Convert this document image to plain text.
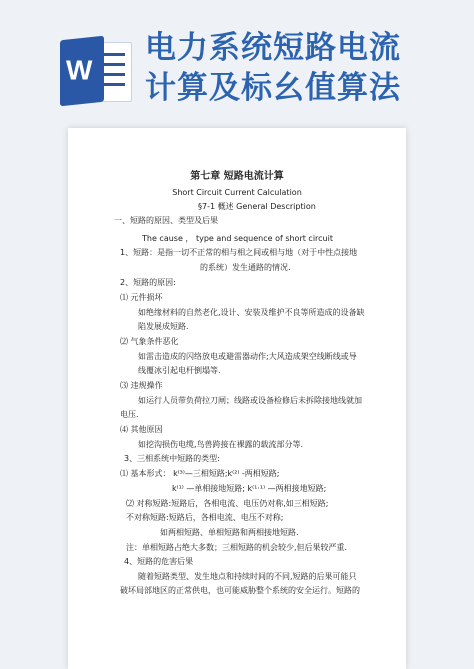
W
电力系统短路电流
计算及标幺值算法
第七章 短路电流计算
Short Circuit Current Calculation
§7-1 概述 General Description
一、短路的原因、类型及后果
The cause ， type and sequence of short circuit
1、短路：是指一切不正常的相与相之间或相与地（对于中性点接地
的系统）发生通路的情况.
2、短路的原因:
⑴ 元件损坏
如绝缘材料的自然老化,设计、安装及维护不良等所造成的设备缺
陷发展成短路.
⑵ 气象条件恶化
如雷击造成的闪络放电或避雷器动作;大风造成架空线断线或导
线覆冰引起电杆倒塌等.
⑶ 违规操作
如运行人员带负荷拉刀闸；线路或设备检修后未拆除接地线就加
电压.
⑷ 其他原因
如挖沟损伤电缆,鸟兽跨接在裸露的载流部分等.
3、三相系统中短路的类型:
⑴ 基本形式： k⁽³⁾—三相短路;k⁽²⁾ -两相短路;
k⁽¹⁾ —单相接地短路; k⁽¹·¹⁾ —两相接地短路;
⑵ 对称短路:短路后，各相电流、电压仍对称,如三相短路;
不对称短路:短路后，各相电流、电压不对称;
如两相短路、单相短路和两相接地短路.
注：单相短路占绝大多数；三相短路的机会较少,但后果较严重.
4、短路的危害后果
随着短路类型、发生地点和持续时间的不同,短路的后果可能只
破坏局部地区的正常供电，也可能威胁整个系统的安全运行。短路的
